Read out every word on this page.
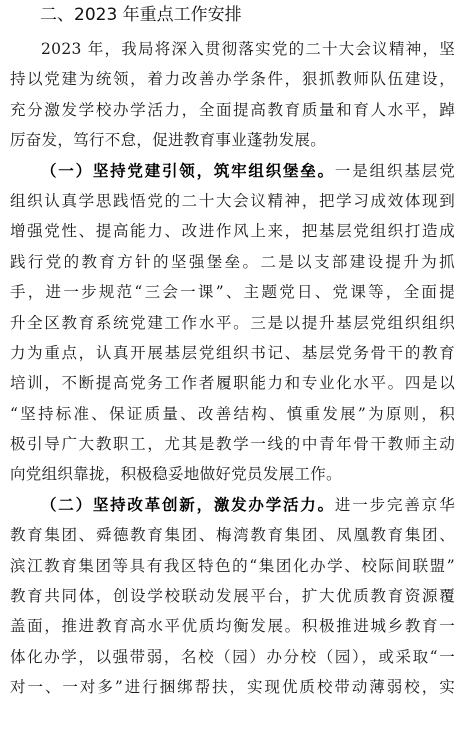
二、2023 年重点工作安排
2023 年，我局将深入贯彻落实党的二十大会议精神，坚
持以党建为统领，着力改善办学条件，狠抓教师队伍建设，
充分激发学校办学活力，全面提高教育质量和育人水平，踔
厉奋发，笃行不怠，促进教育事业蓬勃发展。
（一）坚持党建引领，筑牢组织堡垒。一是组织基层党
组织认真学思践悟党的二十大会议精神，把学习成效体现到
增强党性、提高能力、改进作风上来，把基层党组织打造成
践行党的教育方针的坚强堡垒。二是以支部建设提升为抓
手，进一步规范“三会一课”、主题党日、党课等，全面提
升全区教育系统党建工作水平。三是以提升基层党组织组织
力为重点，认真开展基层党组织书记、基层党务骨干的教育
培训，不断提高党务工作者履职能力和专业化水平。四是以
“坚持标准、保证质量、改善结构、慎重发展”为原则，积
极引导广大教职工，尤其是教学一线的中青年骨干教师主动
向党组织靠拢，积极稳妥地做好党员发展工作。
（二）坚持改革创新，激发办学活力。进一步完善京华
教育集团、舜德教育集团、梅湾教育集团、凤凰教育集团、
滨江教育集团等具有我区特色的“集团化办学、校际间联盟”
教育共同体，创设学校联动发展平台，扩大优质教育资源覆
盖面，推进教育高水平优质均衡发展。积极推进城乡教育一
体化办学，以强带弱，名校（园）办分校（园），或采取“一
对一、一对多”进行捆绑帮扶，实现优质校带动薄弱校，实
